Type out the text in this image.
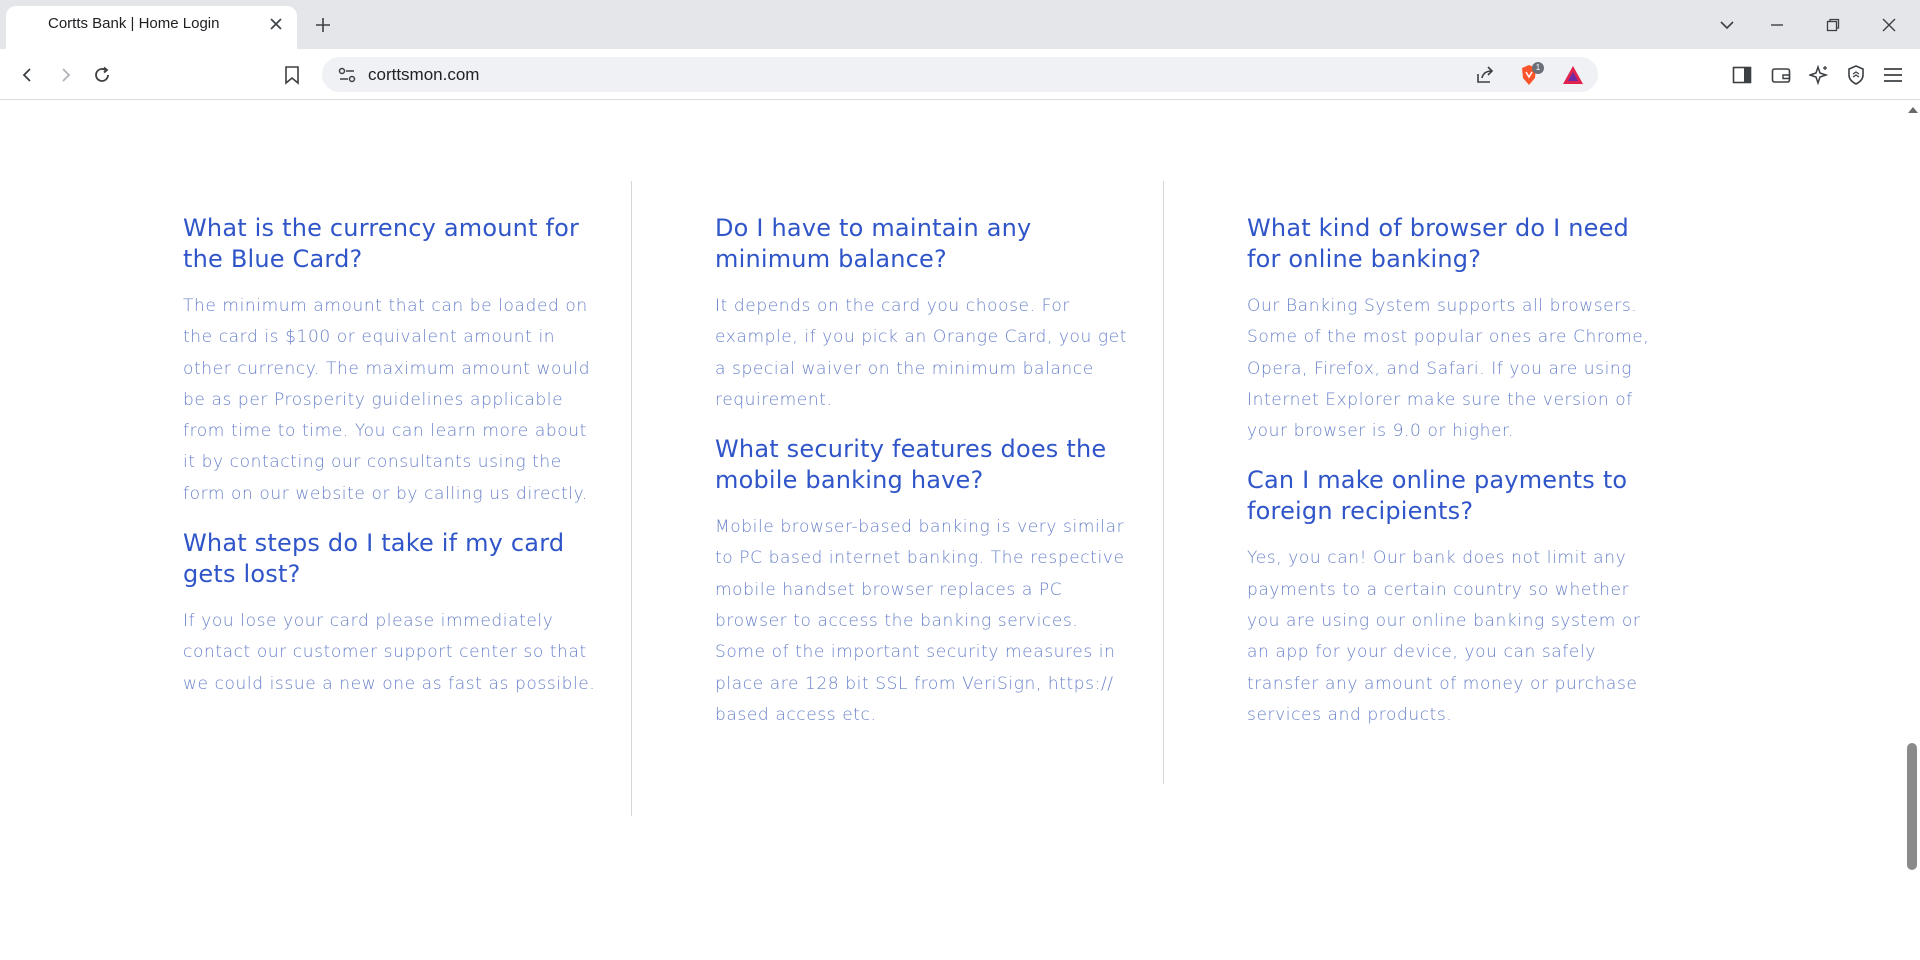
Cortts Bank | Home Login
corttsmon.com	1
What is the currency amount for the Blue Card?

The minimum amount that can be loaded on the card is $100 or equivalent amount in other currency. The maximum amount would be as per Prosperity guidelines applicable from time to time. You can learn more about it by contacting our consultants using the form on our website or by calling us directly.

What steps do I take if my card gets lost?

If you lose your card please immediately contact our customer support center so that we could issue a new one as fast as possible.

Do I have to maintain any minimum balance?

It depends on the card you choose. For example, if you pick an Orange Card, you get a special waiver on the minimum balance requirement.

What security features does the mobile banking have?

Mobile browser-based banking is very similar to PC based internet banking. The respective mobile handset browser replaces a PC browser to access the banking services. Some of the important security measures in place are 128 bit SSL from VeriSign, https:// based access etc.

What kind of browser do I need for online banking?

Our Banking System supports all browsers. Some of the most popular ones are Chrome, Opera, Firefox, and Safari. If you are using Internet Explorer make sure the version of your browser is 9.0 or higher.

Can I make online payments to foreign recipients?

Yes, you can! Our bank does not limit any payments to a certain country so whether you are using our online banking system or an app for your device, you can safely transfer any amount of money or purchase services and products.
